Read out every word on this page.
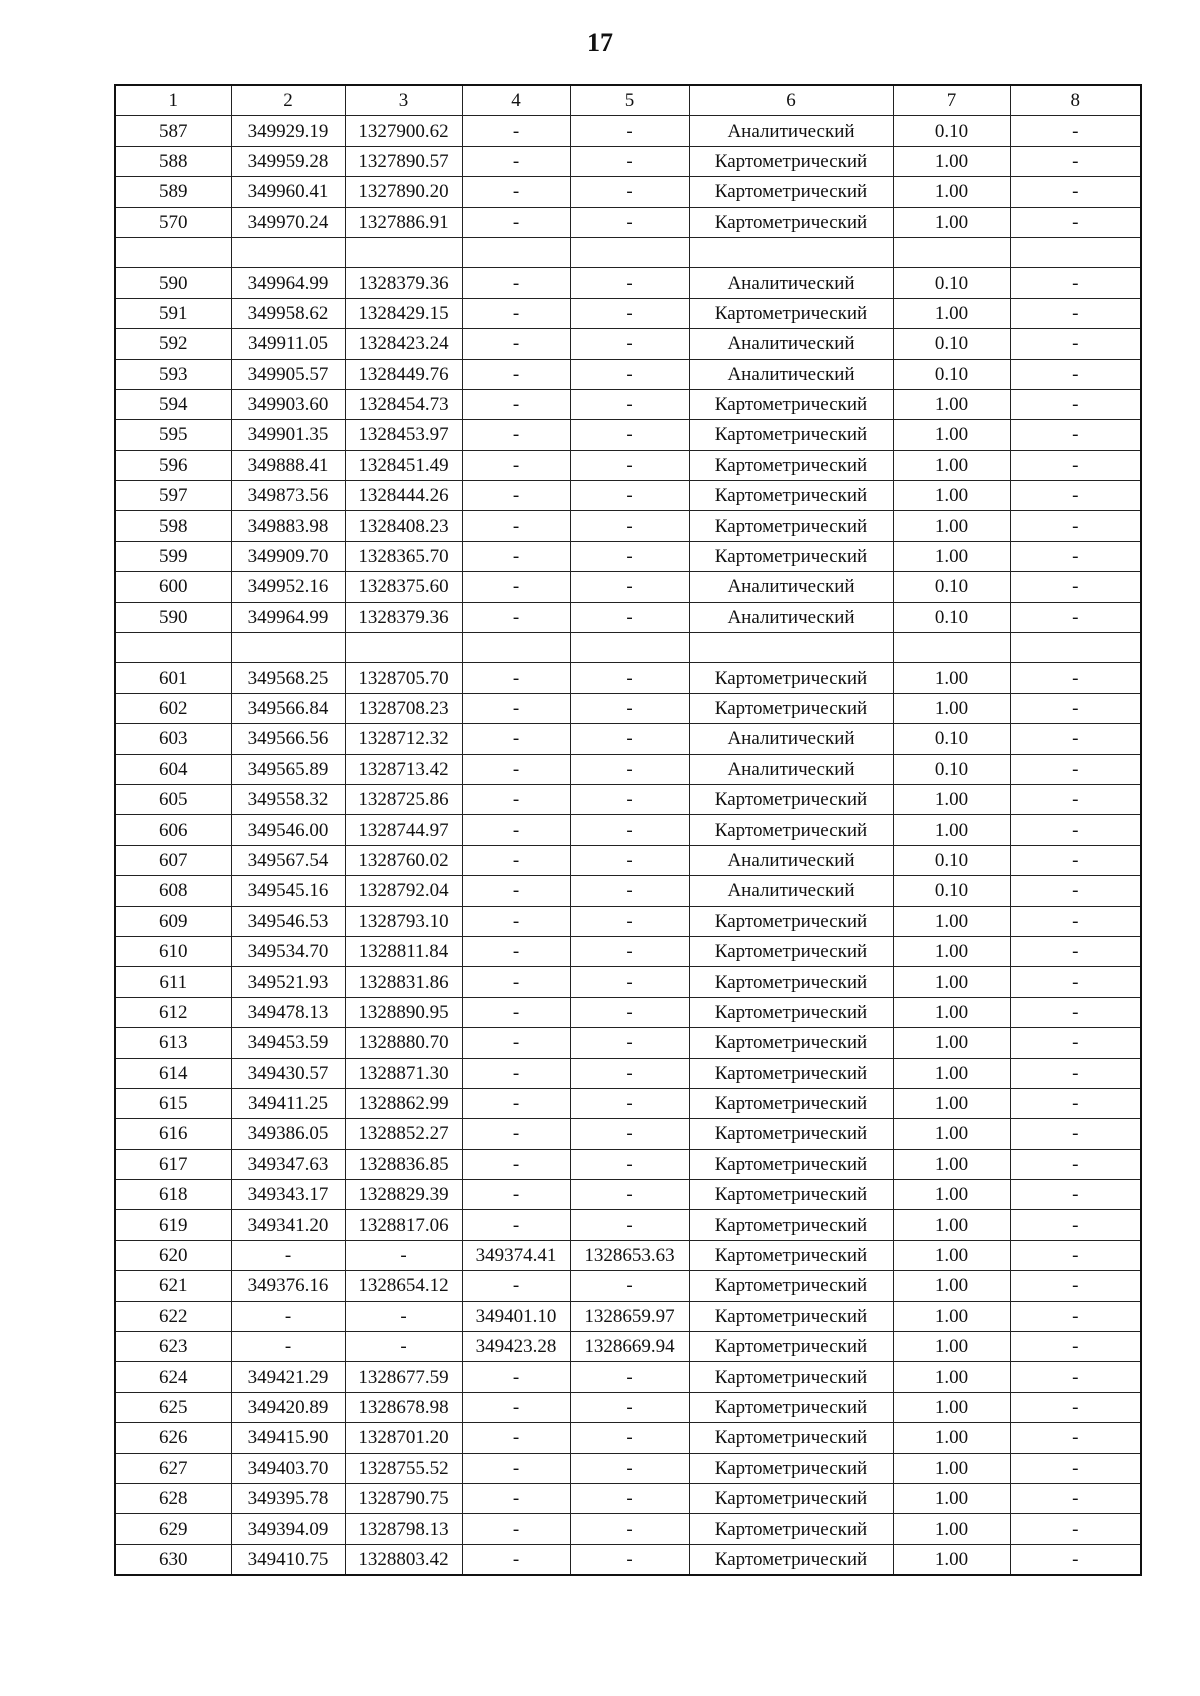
17
1	2	3	4	5	6	7	8
587	349929.19	1327900.62	-	-	Аналитический	0.10	-
588	349959.28	1327890.57	-	-	Картометрический	1.00	-
589	349960.41	1327890.20	-	-	Картометрический	1.00	-
570	349970.24	1327886.91	-	-	Картометрический	1.00	-

590	349964.99	1328379.36	-	-	Аналитический	0.10	-
591	349958.62	1328429.15	-	-	Картометрический	1.00	-
592	349911.05	1328423.24	-	-	Аналитический	0.10	-
593	349905.57	1328449.76	-	-	Аналитический	0.10	-
594	349903.60	1328454.73	-	-	Картометрический	1.00	-
595	349901.35	1328453.97	-	-	Картометрический	1.00	-
596	349888.41	1328451.49	-	-	Картометрический	1.00	-
597	349873.56	1328444.26	-	-	Картометрический	1.00	-
598	349883.98	1328408.23	-	-	Картометрический	1.00	-
599	349909.70	1328365.70	-	-	Картометрический	1.00	-
600	349952.16	1328375.60	-	-	Аналитический	0.10	-
590	349964.99	1328379.36	-	-	Аналитический	0.10	-

601	349568.25	1328705.70	-	-	Картометрический	1.00	-
602	349566.84	1328708.23	-	-	Картометрический	1.00	-
603	349566.56	1328712.32	-	-	Аналитический	0.10	-
604	349565.89	1328713.42	-	-	Аналитический	0.10	-
605	349558.32	1328725.86	-	-	Картометрический	1.00	-
606	349546.00	1328744.97	-	-	Картометрический	1.00	-
607	349567.54	1328760.02	-	-	Аналитический	0.10	-
608	349545.16	1328792.04	-	-	Аналитический	0.10	-
609	349546.53	1328793.10	-	-	Картометрический	1.00	-
610	349534.70	1328811.84	-	-	Картометрический	1.00	-
611	349521.93	1328831.86	-	-	Картометрический	1.00	-
612	349478.13	1328890.95	-	-	Картометрический	1.00	-
613	349453.59	1328880.70	-	-	Картометрический	1.00	-
614	349430.57	1328871.30	-	-	Картометрический	1.00	-
615	349411.25	1328862.99	-	-	Картометрический	1.00	-
616	349386.05	1328852.27	-	-	Картометрический	1.00	-
617	349347.63	1328836.85	-	-	Картометрический	1.00	-
618	349343.17	1328829.39	-	-	Картометрический	1.00	-
619	349341.20	1328817.06	-	-	Картометрический	1.00	-
620	-	-	349374.41	1328653.63	Картометрический	1.00	-
621	349376.16	1328654.12	-	-	Картометрический	1.00	-
622	-	-	349401.10	1328659.97	Картометрический	1.00	-
623	-	-	349423.28	1328669.94	Картометрический	1.00	-
624	349421.29	1328677.59	-	-	Картометрический	1.00	-
625	349420.89	1328678.98	-	-	Картометрический	1.00	-
626	349415.90	1328701.20	-	-	Картометрический	1.00	-
627	349403.70	1328755.52	-	-	Картометрический	1.00	-
628	349395.78	1328790.75	-	-	Картометрический	1.00	-
629	349394.09	1328798.13	-	-	Картометрический	1.00	-
630	349410.75	1328803.42	-	-	Картометрический	1.00	-
